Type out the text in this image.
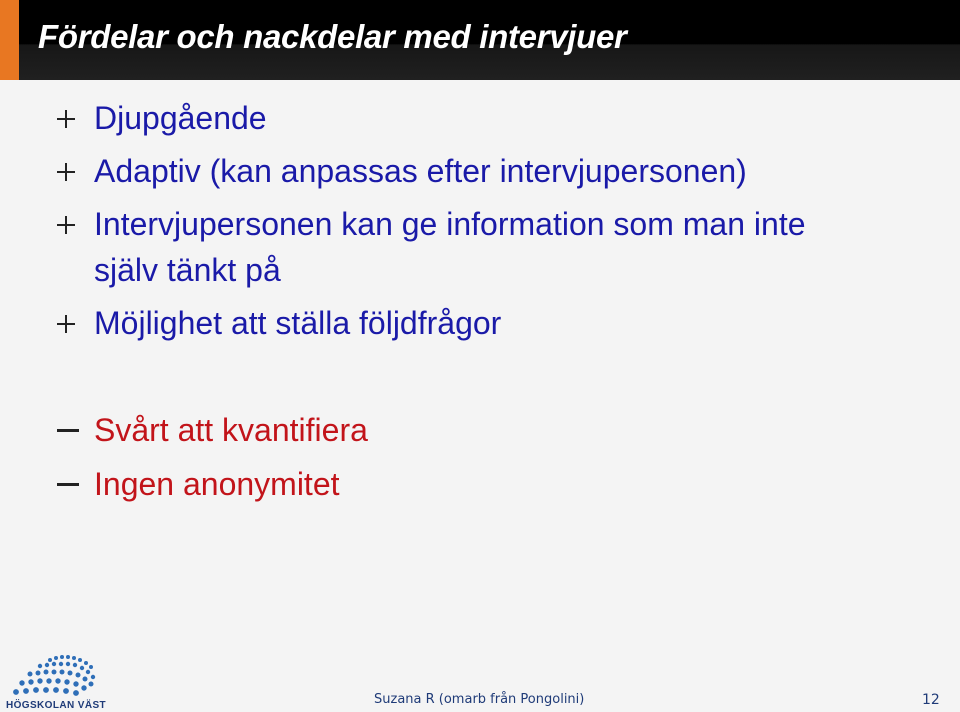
Fördelar och nackdelar med intervjuer
Djupgående
Adaptiv (kan anpassas efter intervjupersonen)
Intervjupersonen kan ge information som man inte
själv tänkt på
Möjlighet att ställa följdfrågor
Svårt att kvantifiera
Ingen anonymitet
HÖGSKOLAN VÄST	Suzana R (omarb från Pongolini)	12
